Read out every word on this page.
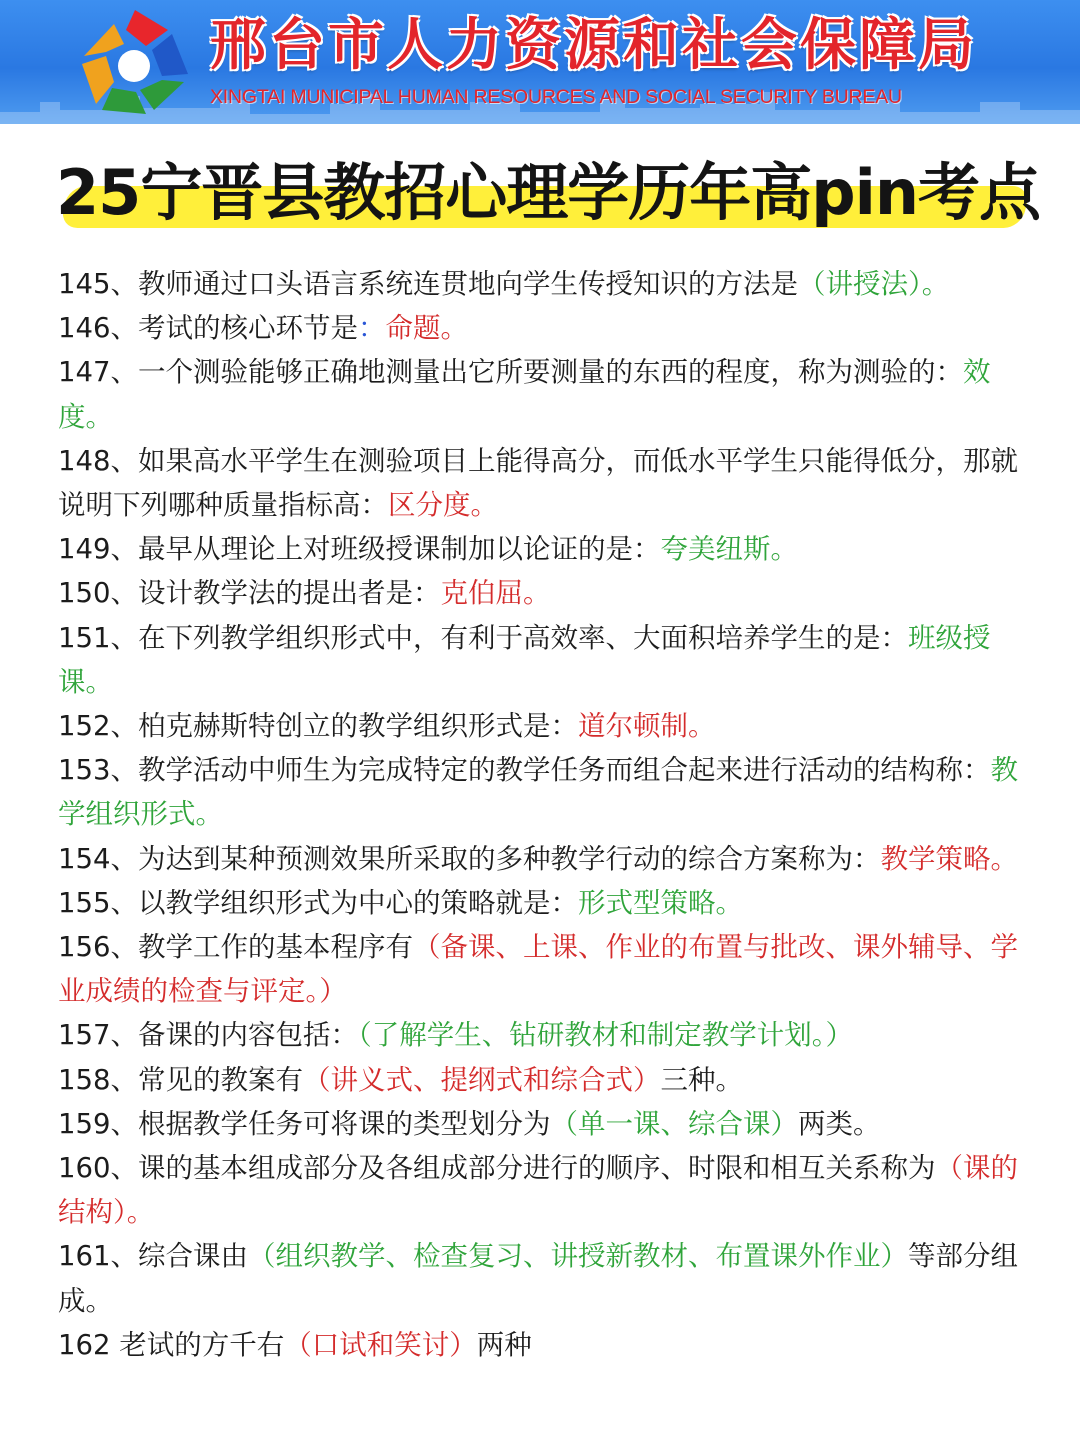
邢台市人力资源和社会保障局
XINGTAI MUNICIPAL HUMAN RESOURCES AND SOCIAL SECURITY BUREAU
25宁晋县教招心理学历年高pin考点

145、教师通过口头语言系统连贯地向学生传授知识的方法是（讲授法）。

146、考试的核心环节是：命题。

147、一个测验能够正确地测量出它所要测量的东西的程度，称为测验的：效度。

148、如果高水平学生在测验项目上能得高分，而低水平学生只能得低分，那就说明下列哪种质量指标高：区分度。

149、最早从理论上对班级授课制加以论证的是：夸美纽斯。

150、设计教学法的提出者是：克伯屈。

151、在下列教学组织形式中，有利于高效率、大面积培养学生的是：班级授课。

152、柏克赫斯特创立的教学组织形式是：道尔顿制。

153、教学活动中师生为完成特定的教学任务而组合起来进行活动的结构称：教学组织形式。

154、为达到某种预测效果所采取的多种教学行动的综合方案称为：教学策略。

155、以教学组织形式为中心的策略就是：形式型策略。

156、教学工作的基本程序有（备课、上课、作业的布置与批改、课外辅导、学业成绩的检查与评定。）

157、备课的内容包括：（了解学生、钻研教材和制定教学计划。）

158、常见的教案有（讲义式、提纲式和综合式）三种。

159、根据教学任务可将课的类型划分为（单一课、综合课）两类。

160、课的基本组成部分及各组成部分进行的顺序、时限和相互关系称为（课的结构）。

161、综合课由（组织教学、检查复习、讲授新教材、布置课外作业）等部分组成。

162 老试的方千右（口试和笑讨）两种
